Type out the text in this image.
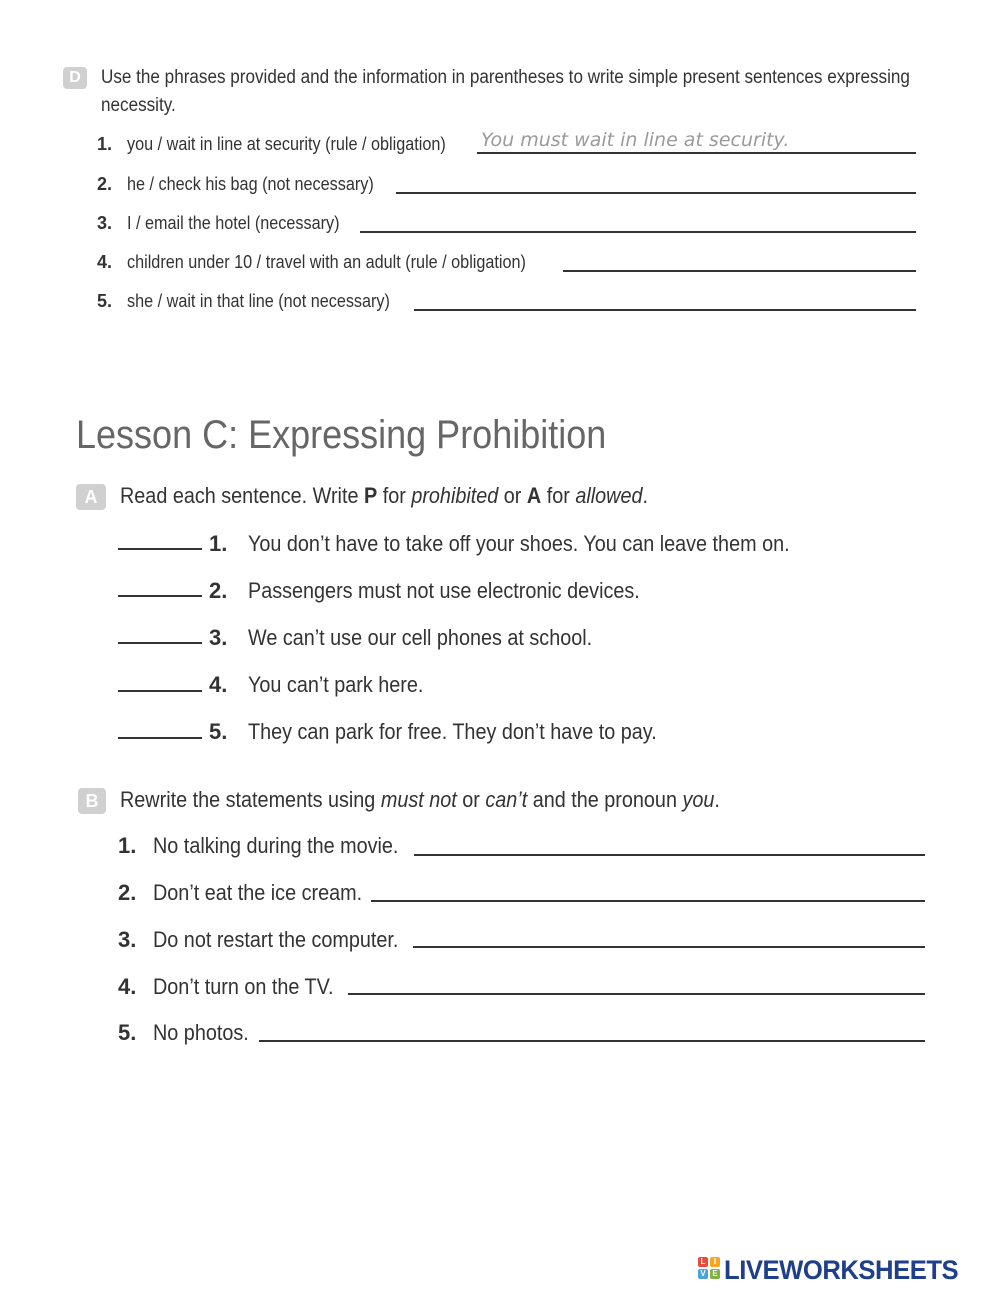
D	Use the phrases provided and the information in parentheses to write simple present sentences expressing
necessity.
1. you / wait in line at security (rule / obligation)
You must wait in line at security.
2. he / check his bag (not necessary)
3. I / email the hotel (necessary)
4. children under 10 / travel with an adult (rule / obligation)
5. she / wait in that line (not necessary)
Lesson C: Expressing Prohibition
A	Read each sentence. Write P for prohibited or A for allowed.
1. You don’t have to take off your shoes. You can leave them on.
2. Passengers must not use electronic devices.
3. We can’t use our cell phones at school.
4. You can’t park here.
5. They can park for free. They don’t have to pay.
B Rewrite the statements using must not or can’t and the pronoun you.
1. No talking during the movie.
2. Don’t eat the ice cream.
3. Do not restart the computer.
4. Don’t turn on the TV.
5. No photos.
L	I
V E LIVEWORKSHEETS
